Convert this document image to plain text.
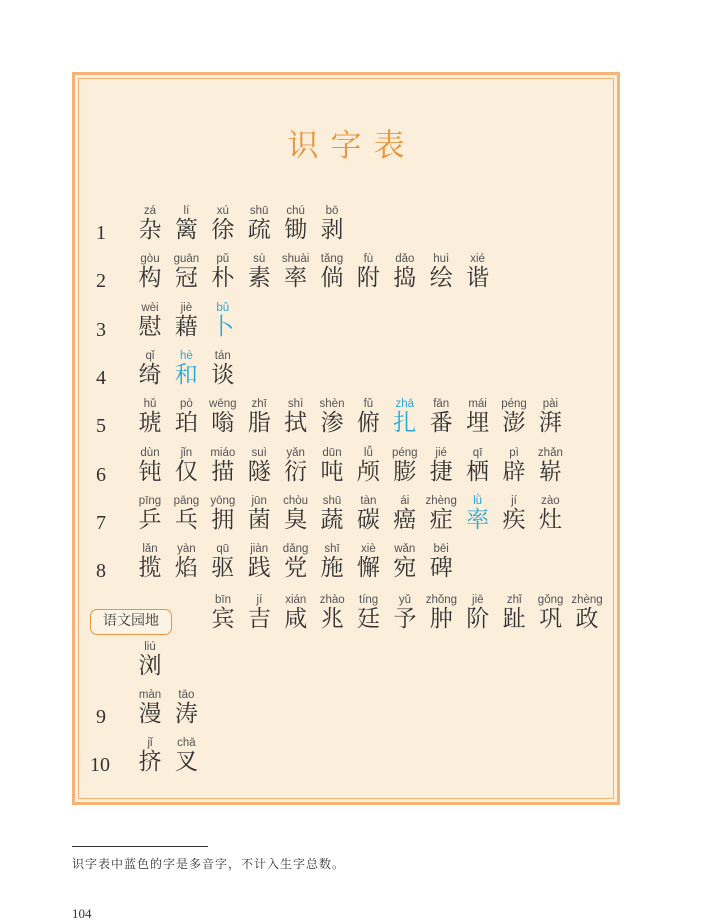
识字表
1
zá
杂
lí
篱
xú
徐
shū
疏
chú
锄
bō
剥
2
gòu
构
guān
冠
pǔ
朴
sù
素
shuài
率
tǎng
倘
fù
附
dǎo
捣
huì
绘
xié
谐
3
wèi
慰
jiè
藉
bǔ
卜
4
qǐ
绮
hè
和
tán
谈
5
hǔ
琥
pò
珀
wēng
嗡
zhī
脂
shì
拭
shèn
渗
fǔ
俯
zhā
扎
fān
番
mái
埋
péng
澎
pài
湃
6
dùn
钝
jǐn
仅
miáo
描
suì
隧
yǎn
衍
dūn
吨
lǚ
颅
péng
膨
jié
捷
qī
栖
pì
辟
zhǎn
崭
7
pīng
乒
pāng
乓
yōng
拥
jūn
菌
chòu
臭
shū
蔬
tàn
碳
ái
癌
zhèng
症
lǜ
率
jí
疾
zào
灶
8
lǎn
揽
yàn
焰
qū
驱
jiàn
践
dǎng
党
shī
施
xiè
懈
wǎn
宛
bēi
碑
bīn
宾
jí
吉
xián
咸
zhào
兆
tíng
廷
yǔ
予
zhǒng
肿
jiē
阶
zhǐ
趾
gǒng
巩
zhèng
政
liú
浏
9
màn
漫
tāo
涛
10
jǐ
挤
chā
叉
语文园地
识字表中蓝色的字是多音字，不计入生字总数。
104
